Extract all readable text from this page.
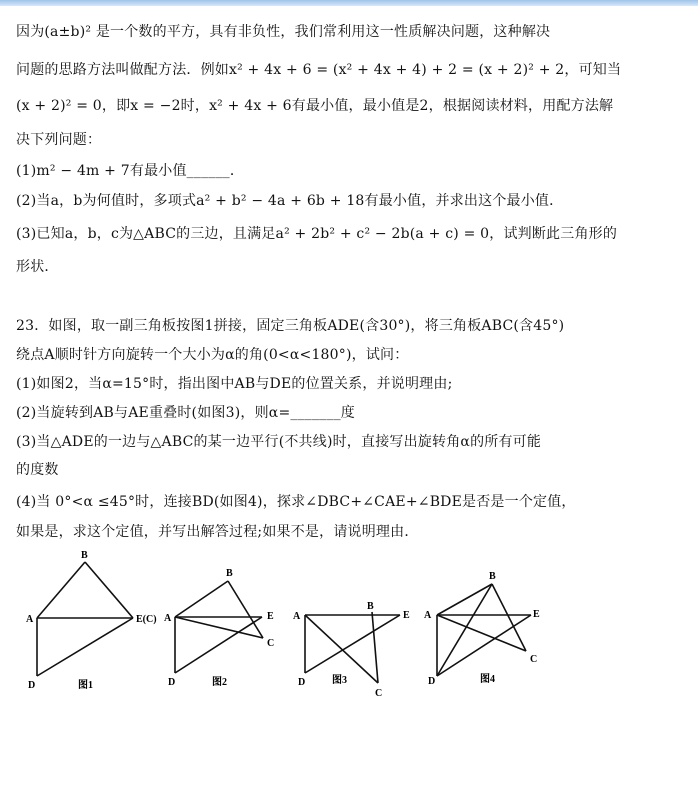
因为(a±b)² 是一个数的平方，具有非负性，我们常利用这一性质解决问题，这种解决
问题的思路方法叫做配方法．例如x² + 4x + 6 = (x² + 4x + 4) + 2 = (x + 2)² + 2，可知当
(x + 2)² = 0，即x = −2时，x² + 4x + 6有最小值，最小值是2，根据阅读材料，用配方法解
决下列问题：
(1)m² − 4m + 7有最小值______．
(2)当a，b为何值时，多项式a² + b² − 4a + 6b + 18有最小值，并求出这个最小值．
(3)已知a，b，c为△ABC的三边，且满足a² + 2b² + c² − 2b(a + c) = 0，试判断此三角形的
形状．
23．如图，取一副三角板按图1拼接，固定三角板ADE(含30°)，将三角板ABC(含45°)
绕点A顺时针方向旋转一个大小为α的角(0<α<180°)，试问：
(1)如图2，当α=15°时，指出图中AB与DE的位置关系，并说明理由;
(2)当旋转到AB与AE重叠时(如图3)，则α=_______度
(3)当△ADE的一边与△ABC的某一边平行(不共线)时，直接写出旋转角α的所有可能
的度数
(4)当 0°<α ≤45°时，连接BD(如图4)，探求∠DBC+∠CAE+∠BDE是否是一个定值，
如果是，求这个定值，并写出解答过程;如果不是，请说明理由．
A
B
E(C)
D	图1
A
B
C
E
D	图2
A
B
E
D
C
图3
A
B
E
C
D	图4
